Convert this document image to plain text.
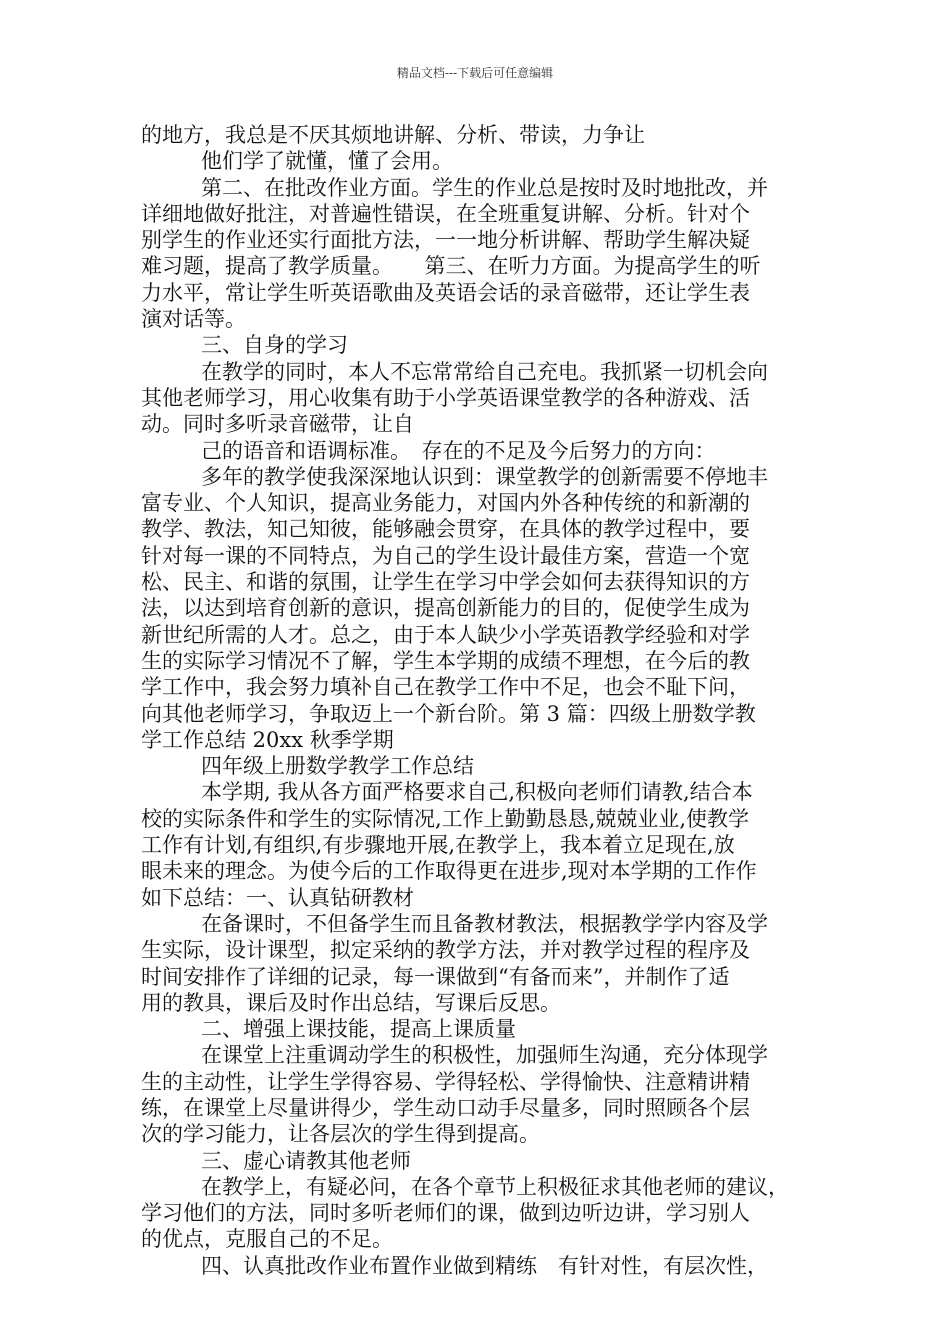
精品文档---下载后可任意编辑
的地方，我总是不厌其烦地讲解、分析、带读，力争让
他们学了就懂，懂了会用。
第二、在批改作业方面。学生的作业总是按时及时地批改，并
详细地做好批注，对普遍性错误，在全班重复讲解、分析。针对个
别学生的作业还实行面批方法，一一地分析讲解、帮助学生解决疑
难习题，提高了教学质量。　　第三、在听力方面。为提高学生的听
力水平，常让学生听英语歌曲及英语会话的录音磁带，还让学生表
演对话等。
三、自身的学习
在教学的同时，本人不忘常常给自己充电。我抓紧一切机会向
其他老师学习，用心收集有助于小学英语课堂教学的各种游戏、活
动。同时多听录音磁带，让自
己的语音和语调标准。　存在的不足及今后努力的方向：
多年的教学使我深深地认识到：课堂教学的创新需要不停地丰
富专业、个人知识，提高业务能力，对国内外各种传统的和新潮的
教学、教法，知己知彼，能够融会贯穿，在具体的教学过程中，要
针对每一课的不同特点，为自己的学生设计最佳方案，营造一个宽
松、民主、和谐的氛围，让学生在学习中学会如何去获得知识的方
法，以达到培育创新的意识，提高创新能力的目的，促使学生成为
新世纪所需的人才。总之，由于本人缺少小学英语教学经验和对学
生的实际学习情况不了解，学生本学期的成绩不理想，在今后的教
学工作中，我会努力填补自己在教学工作中不足，也会不耻下问，
向其他老师学习，争取迈上一个新台阶。第 3 篇：四级上册数学教
学工作总结 20xx 秋季学期
四年级上册数学教学工作总结
本学期, 我从各方面严格要求自己,积极向老师们请教,结合本
校的实际条件和学生的实际情况,工作上勤勤恳恳,兢兢业业,使教学
工作有计划,有组织,有步骤地开展,在教学上，我本着立足现在,放
眼未来的理念。为使今后的工作取得更在进步,现对本学期的工作作
如下总结：一、认真钻研教材
在备课时，不但备学生而且备教材教法，根据教学学内容及学
生实际，设计课型，拟定采纳的教学方法，并对教学过程的程序及
时间安排作了详细的记录，每一课做到“有备而来”，并制作了适
用的教具，课后及时作出总结，写课后反思。
二、增强上课技能，提高上课质量
在课堂上注重调动学生的积极性，加强师生沟通，充分体现学
生的主动性，让学生学得容易、学得轻松、学得愉快、注意精讲精
练，在课堂上尽量讲得少，学生动口动手尽量多，同时照顾各个层
次的学习能力，让各层次的学生得到提高。
三、虚心请教其他老师
在教学上，有疑必问，在各个章节上积极征求其他老师的建议，
学习他们的方法，同时多听老师们的课，做到边听边讲，学习别人
的优点，克服自己的不足。
四、认真批改作业布置作业做到精练　有针对性，有层次性，
